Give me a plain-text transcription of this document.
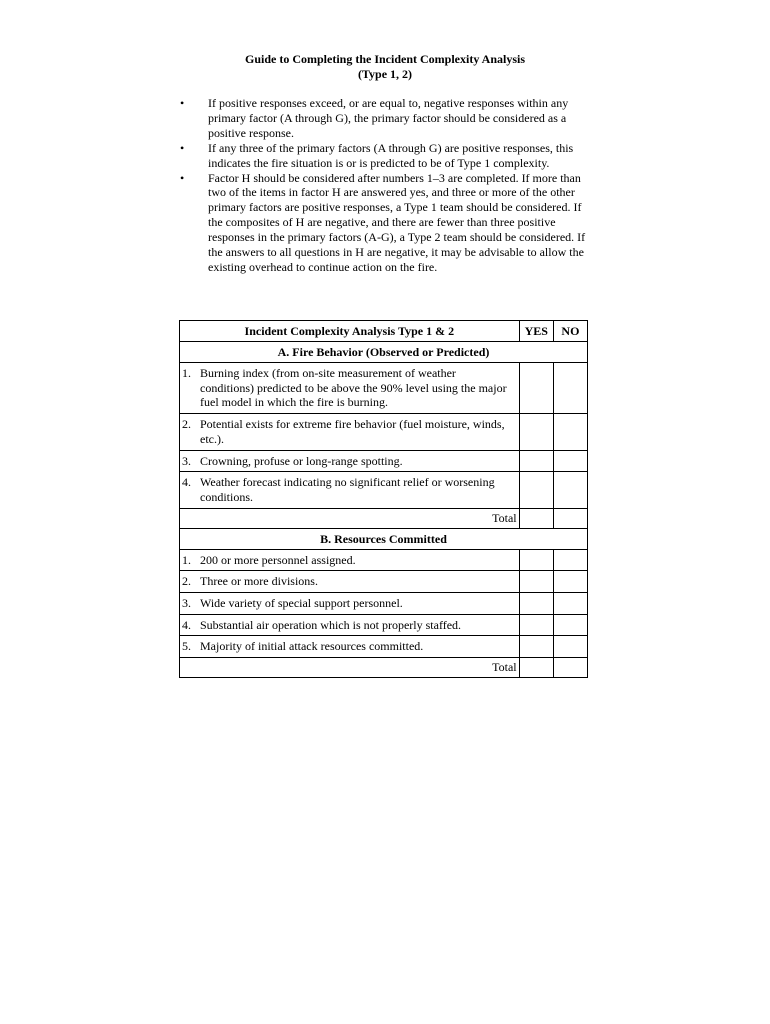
Guide to Completing the Incident Complexity Analysis
(Type 1, 2)
•	If positive responses exceed, or are equal to, negative responses within any primary factor (A through G), the primary factor should be considered as a positive response.
•	If any three of the primary factors (A through G) are positive responses, this indicates the fire situation is or is predicted to be of Type 1 complexity.
•	Factor H should be considered after numbers 1–3 are completed. If more than two of the items in factor H are answered yes, and three or more of the other primary factors are positive responses, a Type 1 team should be considered. If the composites of H are negative, and there are fewer than three positive responses in the primary factors (A-G), a Type 2 team should be considered. If the answers to all questions in H are negative, it may be advisable to allow the existing overhead to continue action on the fire.
Incident Complexity Analysis Type 1 & 2	YES	NO
A. Fire Behavior (Observed or Predicted)		
1. Burning index (from on-site measurement of weather conditions) predicted to be above the 90% level using the major fuel model in which the fire is burning.		
2. Potential exists for extreme fire behavior (fuel moisture, winds, etc.).		
3. Crowning, profuse or long-range spotting.		
4. Weather forecast indicating no significant relief or worsening conditions.		
Total		
B. Resources Committed		
1. 200 or more personnel assigned.		
2. Three or more divisions.		
3. Wide variety of special support personnel.		
4. Substantial air operation which is not properly staffed.		
5. Majority of initial attack resources committed.		
Total		
